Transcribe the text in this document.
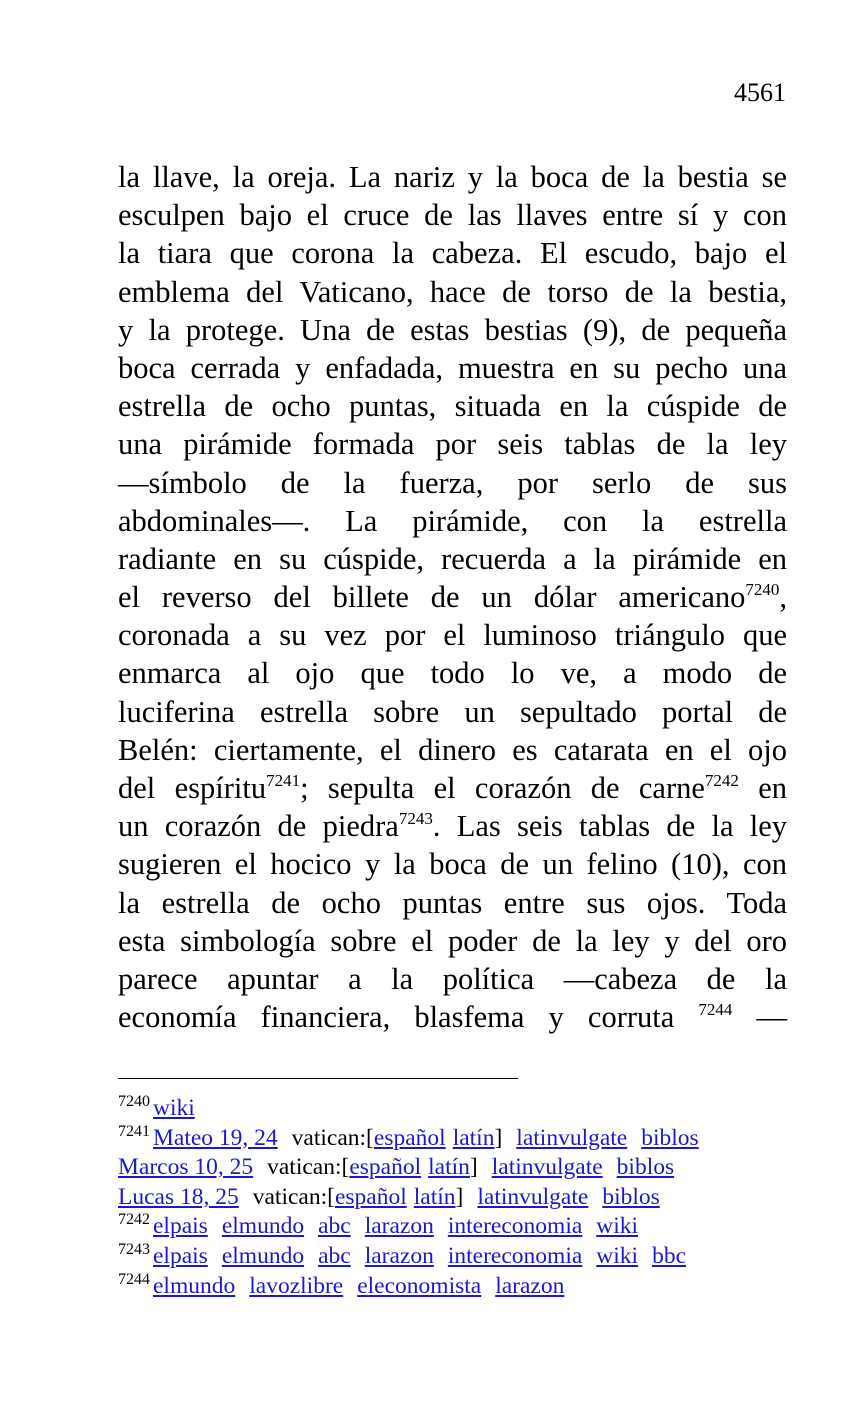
4561
la llave, la oreja. La nariz y la boca de la bestia se
esculpen bajo el cruce de las llaves entre sí y con
la tiara que corona la cabeza. El escudo, bajo el
emblema del Vaticano, hace de torso de la bestia,
y la protege. Una de estas bestias (9), de pequeña
boca cerrada y enfadada, muestra en su pecho una
estrella de ocho puntas, situada en la cúspide de
una pirámide formada por seis tablas de la ley
—símbolo de la fuerza, por serlo de sus
abdominales—. La pirámide, con la estrella
radiante en su cúspide, recuerda a la pirámide en
el reverso del billete de un dólar americano$^{7240}$,
coronada a su vez por el luminoso triángulo que
enmarca al ojo que todo lo ve, a modo de
luciferina estrella sobre un sepultado portal de
Belén: ciertamente, el dinero es catarata en el ojo
del espíritu$^{7241}$; sepulta el corazón de carne$^{7242}$ en
un corazón de piedra$^{7243}$. Las seis tablas de la ley
sugieren el hocico y la boca de un felino (10), con
la estrella de ocho puntas entre sus ojos. Toda
esta simbología sobre el poder de la ley y del oro
parece apuntar a la política —cabeza de la
economía financiera, blasfema y corruta $^{7244}$ —
$^{7240}$ wiki
$^{7241}$ Mateo 19, 24 vatican:[español latín] latinvulgate biblos
Marcos 10, 25 vatican:[español latín] latinvulgate biblos
Lucas 18, 25 vatican:[español latín] latinvulgate biblos
$^{7242}$ elpais elmundo abc larazon intereconomia wiki
$^{7243}$ elpais elmundo abc larazon intereconomia wiki bbc
$^{7244}$ elmundo lavozlibre eleconomista larazon
